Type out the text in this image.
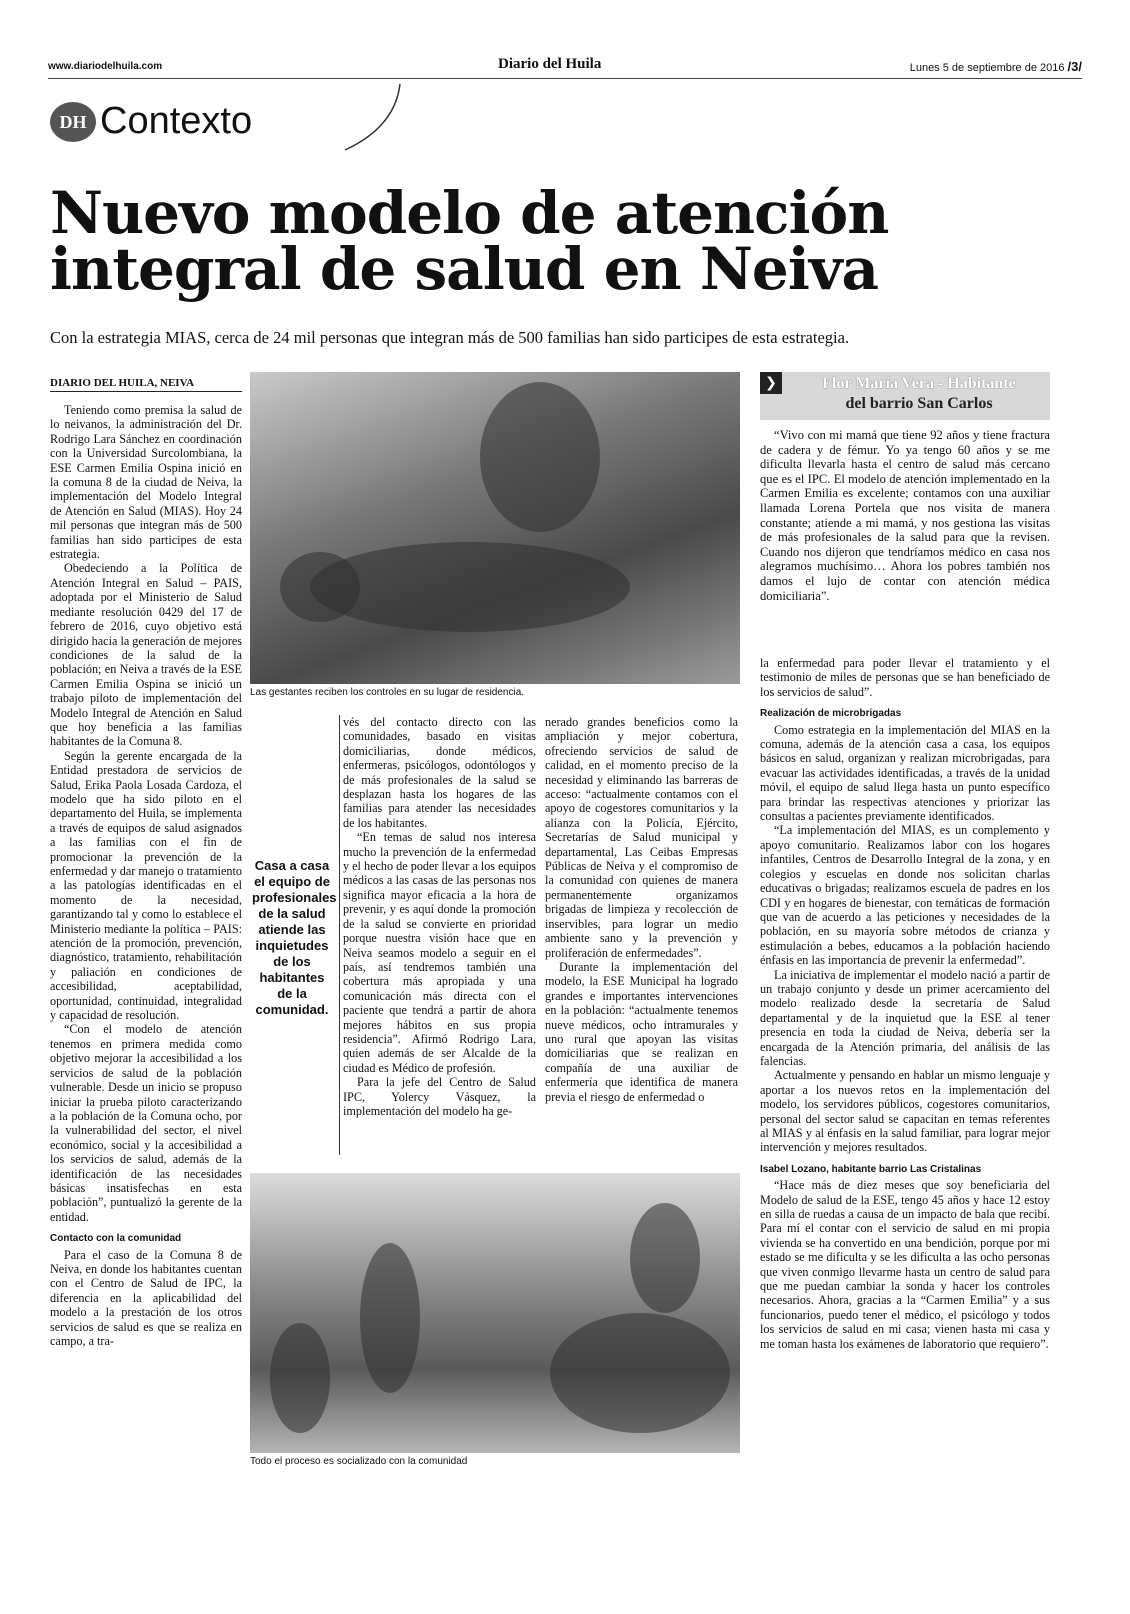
www.diariodelhuila.com	Diario del Huila	Lunes 5 de septiembre de 2016 /3/
DH Contexto
Nuevo modelo de atención
integral de salud en Neiva
Con la estrategia MIAS, cerca de 24 mil personas que integran más de 500 familias han sido participes de esta estrategia.
DIARIO DEL HUILA, NEIVA

Teniendo como premisa la salud de lo neivanos, la administración del Dr. Rodrigo Lara Sánchez en coordinación con la Universidad Surcolombiana, la ESE Carmen Emilia Ospina inició en la comuna 8 de la ciudad de Neiva, la implementación del Modelo Integral de Atención en Salud (MIAS). Hoy 24 mil personas que integran más de 500 familias han sido participes de esta estrategia.

Obedeciendo a la Política de Atención Integral en Salud – PAIS, adoptada por el Ministerio de Salud mediante resolución 0429 del 17 de febrero de 2016, cuyo objetivo está dirigido hacia la generación de mejores condiciones de la salud de la población; en Neiva a través de la ESE Carmen Emilia Ospina se inició un trabajo piloto de implementación del Modelo Integral de Atención en Salud que hoy beneficia a las familias habitantes de la Comuna 8.

Según la gerente encargada de la Entidad prestadora de servicios de Salud, Erika Paola Losada Cardoza, el modelo que ha sido piloto en el departamento del Huila, se implementa a través de equipos de salud asignados a las familias con el fin de promocionar la prevención de la enfermedad y dar manejo o tratamiento a las patologías identificadas en el momento de la necesidad, garantizando tal y como lo establece el Ministerio mediante la política – PAIS: atención de la promoción, prevención, diagnóstico, tratamiento, rehabilitación y paliación en condiciones de accesibilidad, aceptabilidad, oportunidad, continuidad, integralidad y capacidad de resolución.

“Con el modelo de atención tenemos en primera medida como objetivo mejorar la accesibilidad a los servicios de salud de la población vulnerable. Desde un inicio se propuso iniciar la prueba piloto caracterizando a la población de la Comuna ocho, por la vulnerabilidad del sector, el nivel económico, social y la accesibilidad a los servicios de salud, además de la identificación de las necesidades básicas insatisfechas en esta población”, puntualizó la gerente de la entidad.

Contacto con la comunidad

Para el caso de la Comuna 8 de Neiva, en donde los habitantes cuentan con el Centro de Salud de IPC, la diferencia en la aplicabilidad del modelo a la prestación de los otros servicios de salud es que se realiza en campo, a tra-

Las gestantes reciben los controles en su lugar de residencia.
❯	Flor María Vera - Habitante
del barrio San Carlos
“Vivo con mi mamá que tiene 92 años y tiene fractura de cadera y de fémur. Yo ya tengo 60 años y se me dificulta llevarla hasta el centro de salud más cercano que es el IPC. El modelo de atención implementado en la Carmen Emilia es excelente; contamos con una auxiliar llamada Lorena Portela que nos visita de manera constante; atiende a mi mamá, y nos gestiona las visitas de más profesionales de la salud para que la revisen. Cuando nos dijeron que tendríamos médico en casa nos alegramos muchísimo… Ahora los pobres también nos damos el lujo de contar con atención médica domiciliaria”.
Casa a casa el equipo de profesionales de la salud atiende las inquietudes de los habitantes de la comunidad.

vés del contacto directo con las comunidades, basado en visitas domiciliarias, donde médicos, enfermeras, psicólogos, odontólogos y de más profesionales de la salud se desplazan hasta los hogares de las familias para atender las necesidades de los habitantes.

“En temas de salud nos interesa mucho la prevención de la enfermedad y el hecho de poder llevar a los equipos médicos a las casas de las personas nos significa mayor eficacia a la hora de prevenir, y es aquí donde la promoción de la salud se convierte en prioridad porque nuestra visión hace que en Neiva seamos modelo a seguir en el país, así tendremos también una cobertura más apropiada y una comunicación más directa con el paciente que tendrá a partir de ahora mejores hábitos en sus propia residencia”. Afirmó Rodrigo Lara, quien además de ser Alcalde de la ciudad es Médico de profesión.

Para la jefe del Centro de Salud IPC, Yolercy Vásquez, la implementación del modelo ha ge-

nerado grandes beneficios como la ampliación y mejor cobertura, ofreciendo servicios de salud de calidad, en el momento preciso de la necesidad y eliminando las barreras de acceso: “actualmente contamos con el apoyo de cogestores comunitarios y la alianza con la Policía, Ejército, Secretarías de Salud municipal y departamental, Las Ceibas Empresas Públicas de Neiva y el compromiso de la comunidad con quienes de manera permanentemente organizamos brigadas de limpieza y recolección de inservibles, para lograr un medio ambiente sano y la prevención y proliferación de enfermedades”.

Durante la implementación del modelo, la ESE Municipal ha logrado grandes e importantes intervenciones en la población: “actualmente tenemos nueve médicos, ocho intramurales y uno rural que apoyan las visitas domiciliarias que se realizan en compañía de una auxiliar de enfermería que identifica de manera previa el riesgo de enfermedad o

la enfermedad para poder llevar el tratamiento y el testimonio de miles de personas que se han beneficiado de los servicios de salud”.

Realización de microbrigadas

Como estrategia en la implementación del MIAS en la comuna, además de la atención casa a casa, los equipos básicos en salud, organizan y realizan microbrigadas, para evacuar las actividades identificadas, a través de la unidad móvil, el equipo de salud llega hasta un punto específico para brindar las respectivas atenciones y priorizar las consultas a pacientes previamente identificados.

“La implementación del MIAS, es un complemento y apoyo comunitario. Realizamos labor con los hogares infantiles, Centros de Desarrollo Integral de la zona, y en colegios y escuelas en donde nos solicitan charlas educativas o brigadas; realizamos escuela de padres en los CDI y en hogares de bienestar, con temáticas de formación que van de acuerdo a las peticiones y necesidades de la población, en su mayoría sobre métodos de crianza y estimulación a bebes, educamos a la población haciendo énfasis en las importancia de prevenir la enfermedad”.

La iniciativa de implementar el modelo nació a partir de un trabajo conjunto y desde un primer acercamiento del modelo realizado desde la secretaría de Salud departamental y de la inquietud que la ESE al tener presencia en toda la ciudad de Neiva, debería ser la encargada de la Atención primaria, del análisis de las falencias.

Actualmente y pensando en hablar un mismo lenguaje y aportar a los nuevos retos en la implementación del modelo, los servidores públicos, cogestores comunitarios, personal del sector salud se capacitan en temas referentes al MIAS y al énfasis en la salud familiar, para lograr mejor intervención y mejores resultados.

Isabel Lozano, habitante barrio Las Cristalinas

“Hace más de diez meses que soy beneficiaria del Modelo de salud de la ESE, tengo 45 años y hace 12 estoy en silla de ruedas a causa de un impacto de bala que recibí. Para mí el contar con el servicio de salud en mi propia vivienda se ha convertido en una bendición, porque por mi estado se me dificulta y se les dificulta a las ocho personas que viven conmigo llevarme hasta un centro de salud para que me puedan cambiar la sonda y hacer los controles necesarios. Ahora, gracias a la “Carmen Emilia” y a sus funcionarios, puedo tener el médico, el psicólogo y todos los servicios de salud en mi casa; vienen hasta mi casa y me toman hasta los exámenes de laboratorio que requiero”.

Todo el proceso es socializado con la comunidad
